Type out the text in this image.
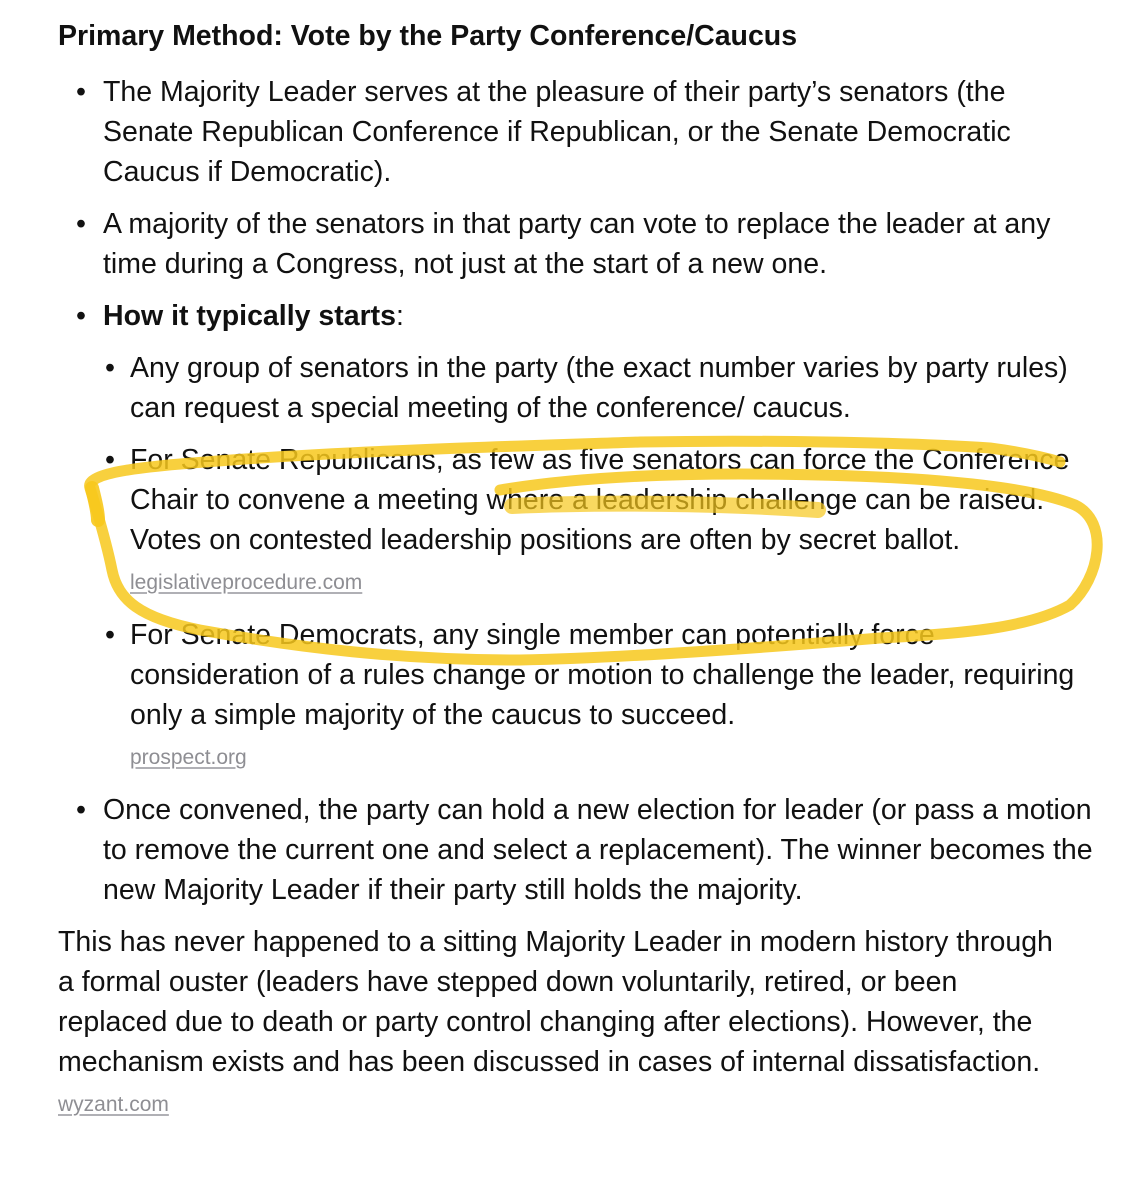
Primary Method: Vote by the Party Conference/Caucus
• The Majority Leader serves at the pleasure of their party’s senators (the Senate Republican Conference if Republican, or the Senate Democratic Caucus if Democratic).
• A majority of the senators in that party can vote to replace the leader at any time during a Congress, not just at the start of a new one.
• How it typically starts:
• Any group of senators in the party (the exact number varies by party rules) can request a special meeting of the conference/ caucus.
• For Senate Republicans, as few as five senators can force the Conference Chair to convene a meeting where a leadership challenge can be raised. Votes on contested leadership positions are often by secret ballot. legislativeprocedure.com
• For Senate Democrats, any single member can potentially force consideration of a rules change or motion to challenge the leader, requiring only a simple majority of the caucus to succeed.
prospect.org
• Once convened, the party can hold a new election for leader (or pass a motion to remove the current one and select a replacement). The winner becomes the new Majority Leader if their party still holds the majority.

This has never happened to a sitting Majority Leader in modern history through a formal ouster (leaders have stepped down voluntarily, retired, or been replaced due to death or party control changing after elections). However, the mechanism exists and has been discussed in cases of internal dissatisfaction. wyzant.com
